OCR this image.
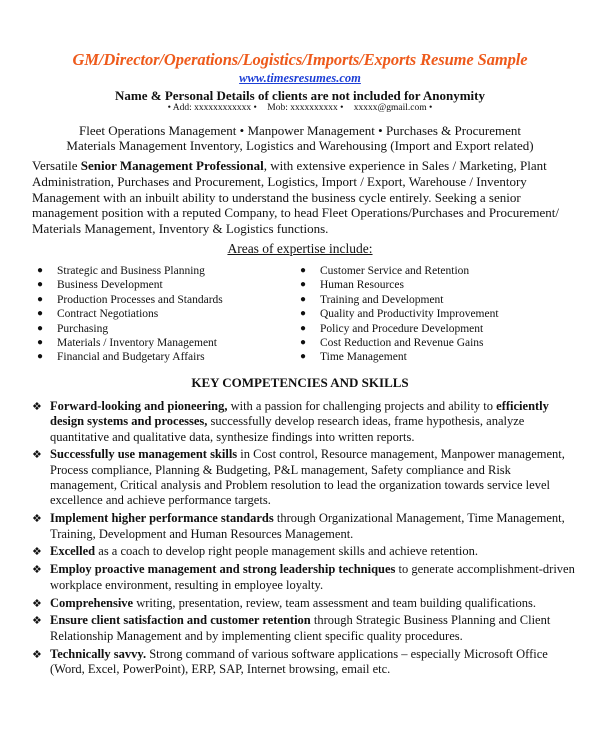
GM/Director/Operations/Logistics/Imports/Exports Resume Sample
www.timesresumes.com
Name & Personal Details of clients are not included for Anonymity
• Add: xxxxxxxxxxxx • Mob: xxxxxxxxxx • xxxxx@gmail.com •
Fleet Operations Management • Manpower Management • Purchases & Procurement
Materials Management Inventory, Logistics and Warehousing (Import and Export related)
Versatile Senior Management Professional, with extensive experience in Sales / Marketing, Plant Administration, Purchases and Procurement, Logistics, Import / Export, Warehouse / Inventory Management with an inbuilt ability to understand the business cycle entirely. Seeking a senior management position with a reputed Company, to head Fleet Operations/Purchases and Procurement/ Materials Management, Inventory & Logistics functions.
Areas of expertise include:
● Strategic and Business Planning
● Business Development
● Production Processes and Standards
● Contract Negotiations
● Purchasing
● Materials / Inventory Management
● Financial and Budgetary Affairs
● Customer Service and Retention
● Human Resources
● Training and Development
● Quality and Productivity Improvement
● Policy and Procedure Development
● Cost Reduction and Revenue Gains
● Time Management
KEY COMPETENCIES AND SKILLS
❖ Forward-looking and pioneering, with a passion for challenging projects and ability to efficiently design systems and processes, successfully develop research ideas, frame hypothesis, analyze quantitative and qualitative data, synthesize findings into written reports.
❖ Successfully use management skills in Cost control, Resource management, Manpower management, Process compliance, Planning & Budgeting, P&L management, Safety compliance and Risk management, Critical analysis and Problem resolution to lead the organization towards service level excellence and achieve performance targets.
❖ Implement higher performance standards through Organizational Management, Time Management, Training, Development and Human Resources Management.
❖ Excelled as a coach to develop right people management skills and achieve retention.
❖ Employ proactive management and strong leadership techniques to generate accomplishment-driven workplace environment, resulting in employee loyalty.
❖ Comprehensive writing, presentation, review, team assessment and team building qualifications.
❖ Ensure client satisfaction and customer retention through Strategic Business Planning and Client Relationship Management and by implementing client specific quality procedures.
❖ Technically savvy. Strong command of various software applications – especially Microsoft Office (Word, Excel, PowerPoint), ERP, SAP, Internet browsing, email etc.
